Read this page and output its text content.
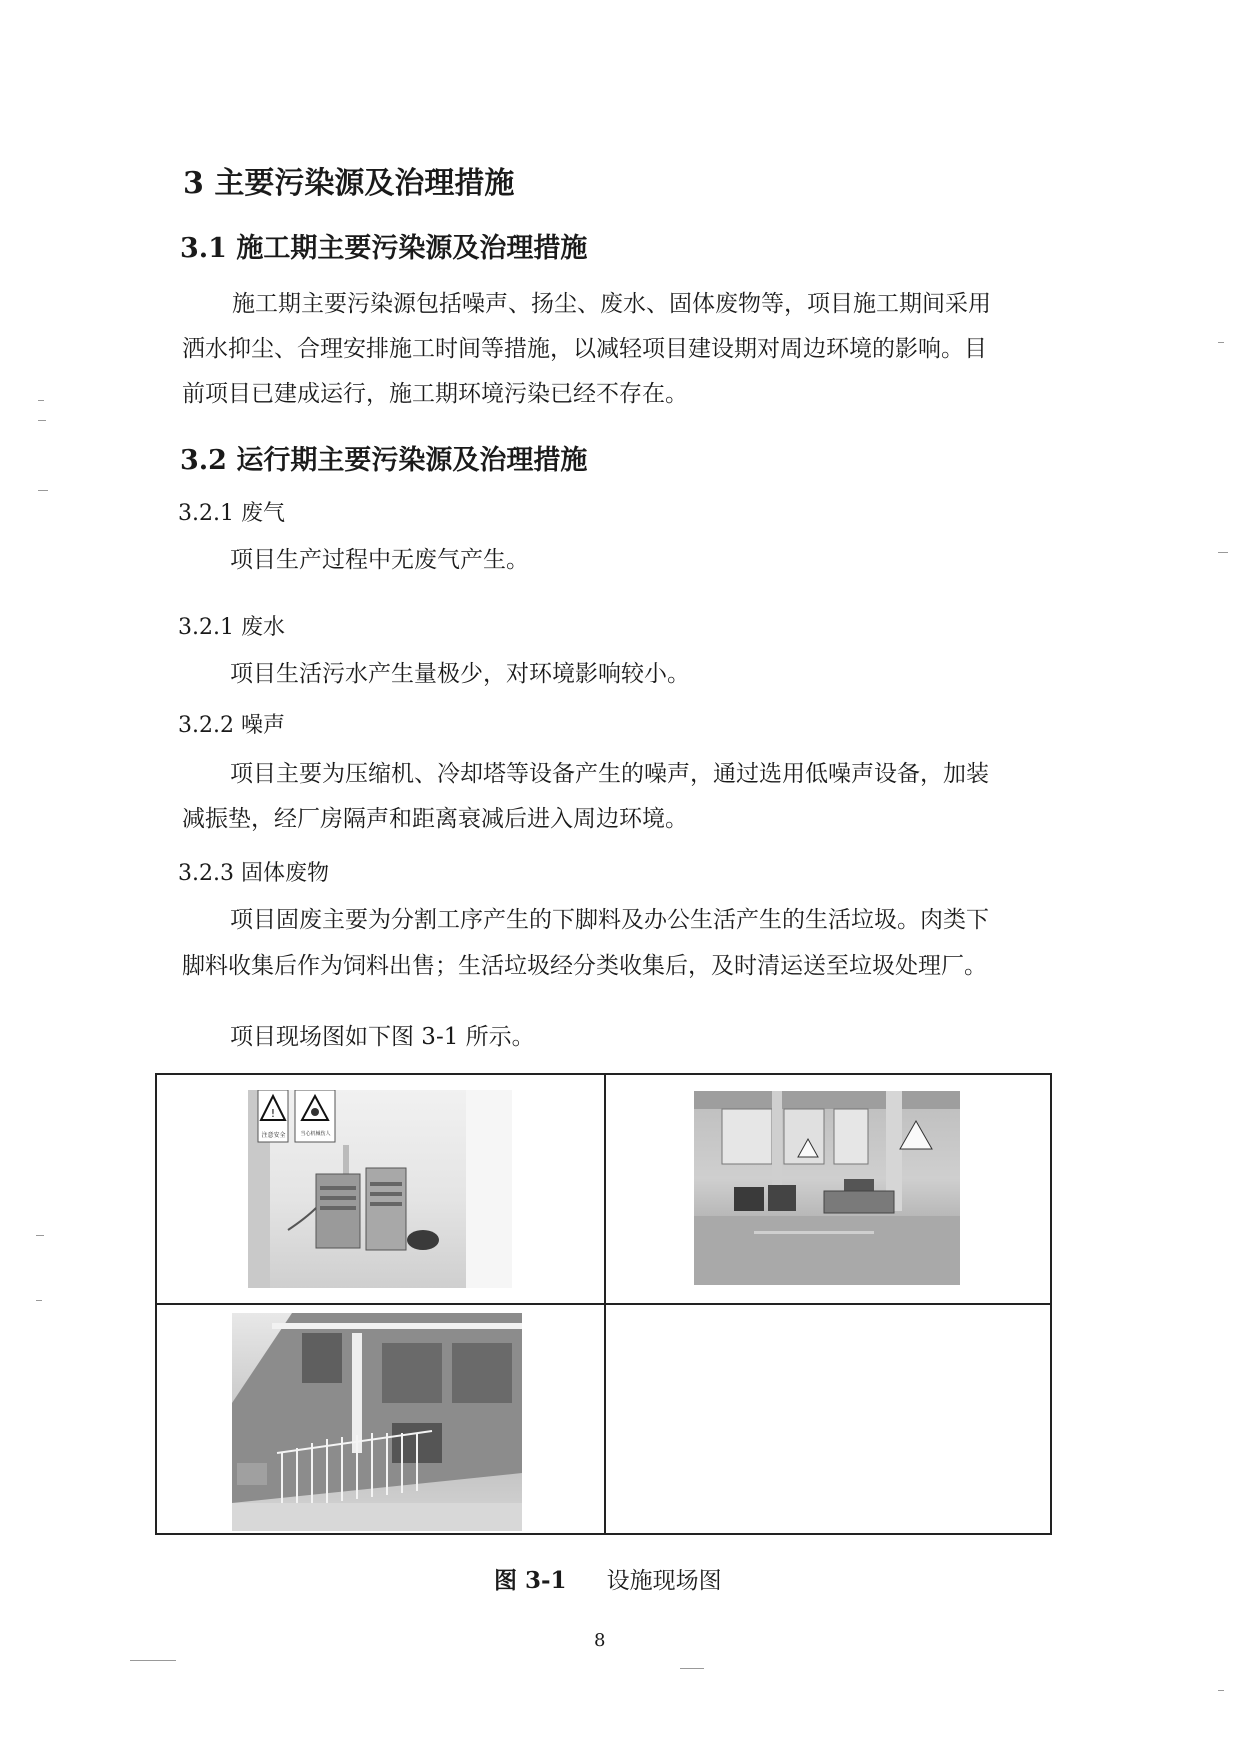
3 主要污染源及治理措施
3.1 施工期主要污染源及治理措施
施工期主要污染源包括噪声、扬尘、废水、固体废物等，项目施工期间采用
洒水抑尘、合理安排施工时间等措施，以减轻项目建设期对周边环境的影响。目
前项目已建成运行，施工期环境污染已经不存在。
3.2 运行期主要污染源及治理措施
3.2.1 废气
项目生产过程中无废气产生。
3.2.1 废水
项目生活污水产生量极少，对环境影响较小。
3.2.2 噪声
项目主要为压缩机、冷却塔等设备产生的噪声，通过选用低噪声设备，加装
减振垫，经厂房隔声和距离衰减后进入周边环境。
3.2.3 固体废物
项目固废主要为分割工序产生的下脚料及办公生活产生的生活垃圾。肉类下
脚料收集后作为饲料出售；生活垃圾经分类收集后，及时清运送至垃圾处理厂。
项目现场图如下图 3-1 所示。
!
注意安全	当心机械伤人
图 3-1 设施现场图
8
